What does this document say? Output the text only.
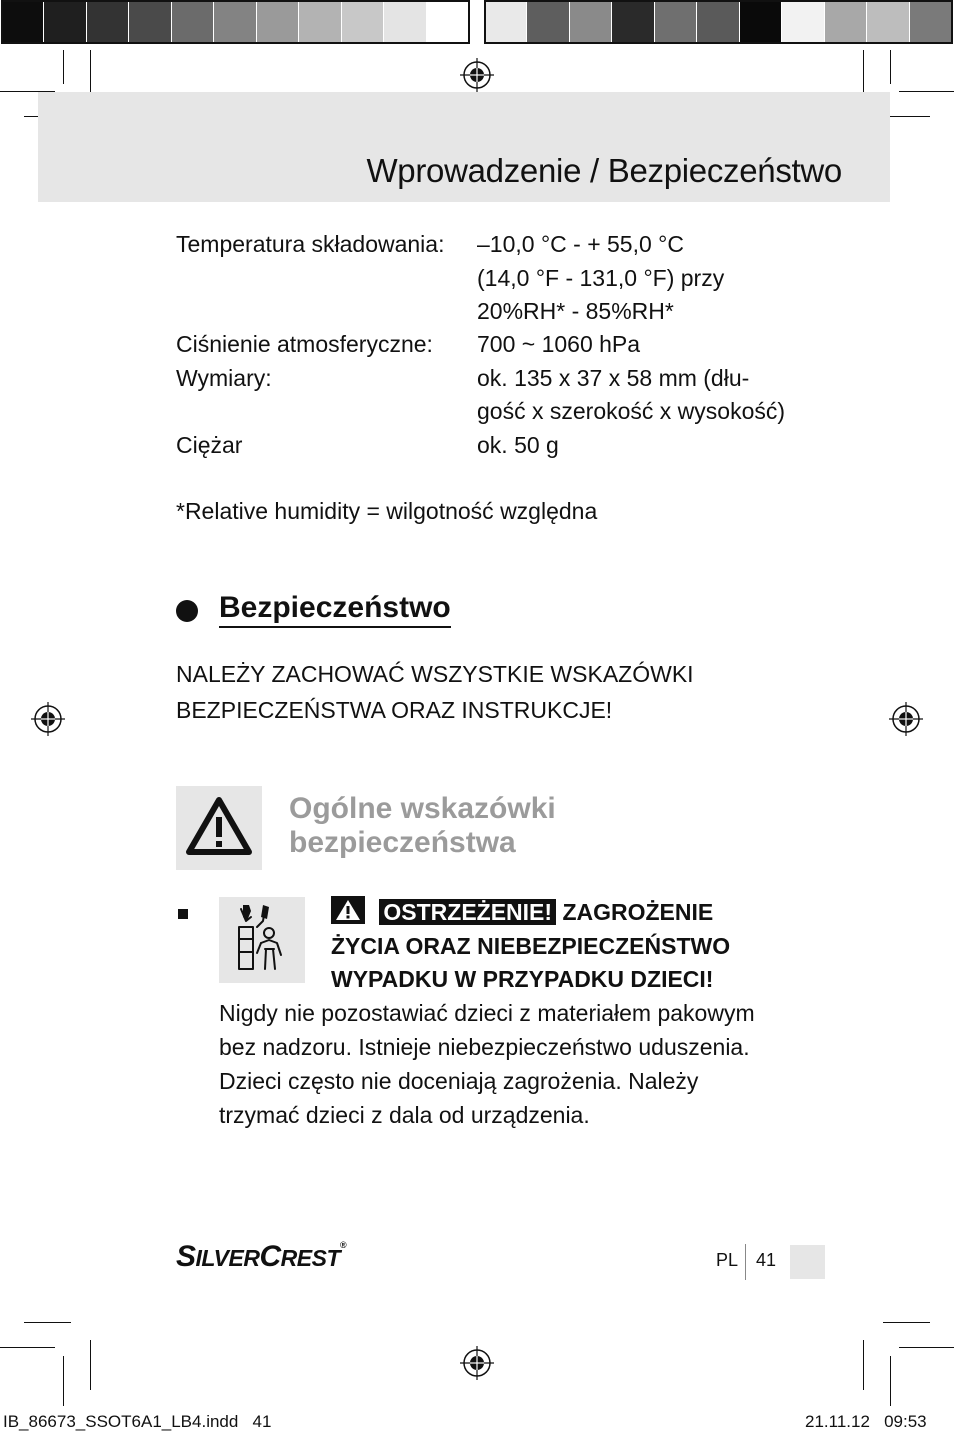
Wprowadzenie / Bezpieczeństwo
Temperatura składowania: –10,0 °C - + 55,0 °C
(14,0 °F - 131,0 °F) przy
20%RH* - 85%RH*
Ciśnienie atmosferyczne: 700 ~ 1060 hPa
Wymiary:	ok. 135 x 37 x 58 mm (dłu-
gość x szerokość x wysokość)
Ciężar	ok. 50 g
*Relative humidity = wilgotność względna
Bezpieczeństwo
NALEŻY ZACHOWAĆ WSZYSTKIE WSKAZÓWKI
BEZPIECZEŃSTWA ORAZ INSTRUKCJE!
Ogólne wskazówki
bezpieczeństwa
OSTRZEŻENIE! ZAGROŻENIE
ŻYCIA ORAZ NIEBEZPIECZEŃSTWO
WYPADKU W PRZYPADKU DZIECI!
Nigdy nie pozostawiać dzieci z materiałem pakowym
bez nadzoru. Istnieje niebezpieczeństwo uduszenia.
Dzieci często nie doceniają zagrożenia. Należy
trzymać dzieci z dala od urządzenia.
SILVERCREST®
PL 41
IB_86673_SSOT6A1_LB4.indd   41	21.11.12   09:53
